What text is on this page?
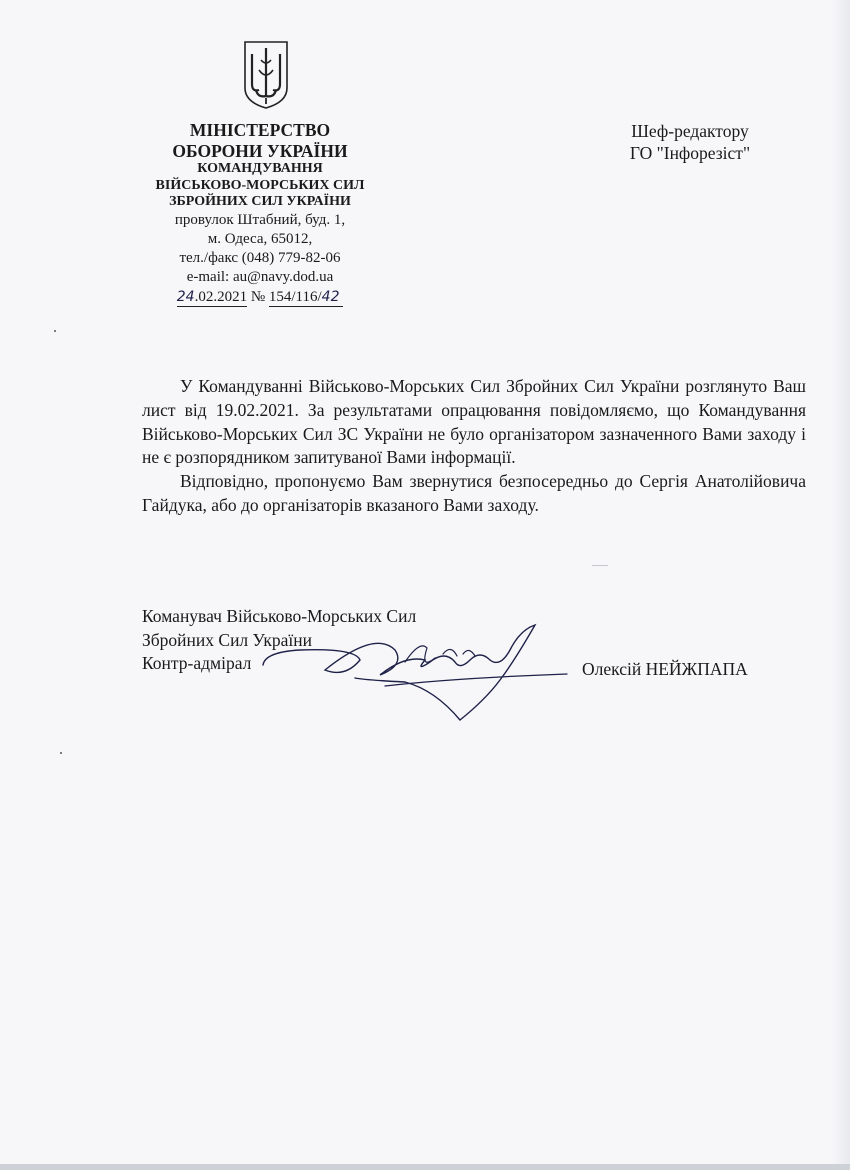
МІНІСТЕРСТВО
ОБОРОНИ УКРАЇНИ
КОМАНДУВАННЯ
ВІЙСЬКОВО-МОРСЬКИХ СИЛ
ЗБРОЙНИХ СИЛ УКРАЇНИ
провулок Штабний, буд. 1,
м. Одеса, 65012,
тел./факс (048) 779-82-06
e-mail: au@navy.dod.ua
24.02.2021 № 154/116/42
Шеф-редактору
ГО "Інфорезіст"

У Командуванні Військово-Морських Сил Збройних Сил України розглянуто Ваш лист від 19.02.2021. За результатами опрацювання повідомляємо, що Командування Військово-Морських Сил ЗС України не було організатором зазначенного Вами заходу і не є розпорядником запитуваної Вами інформації.

Відповідно, пропонуємо Вам звернутися безпосередньо до Сергія Анатолійовича Гайдука, або до організаторів вказаного Вами заходу.

Команувач Військово-Морських Сил
Збройних Сил України
Контр-адмірал	Олексій НЕЙЖПАПА
